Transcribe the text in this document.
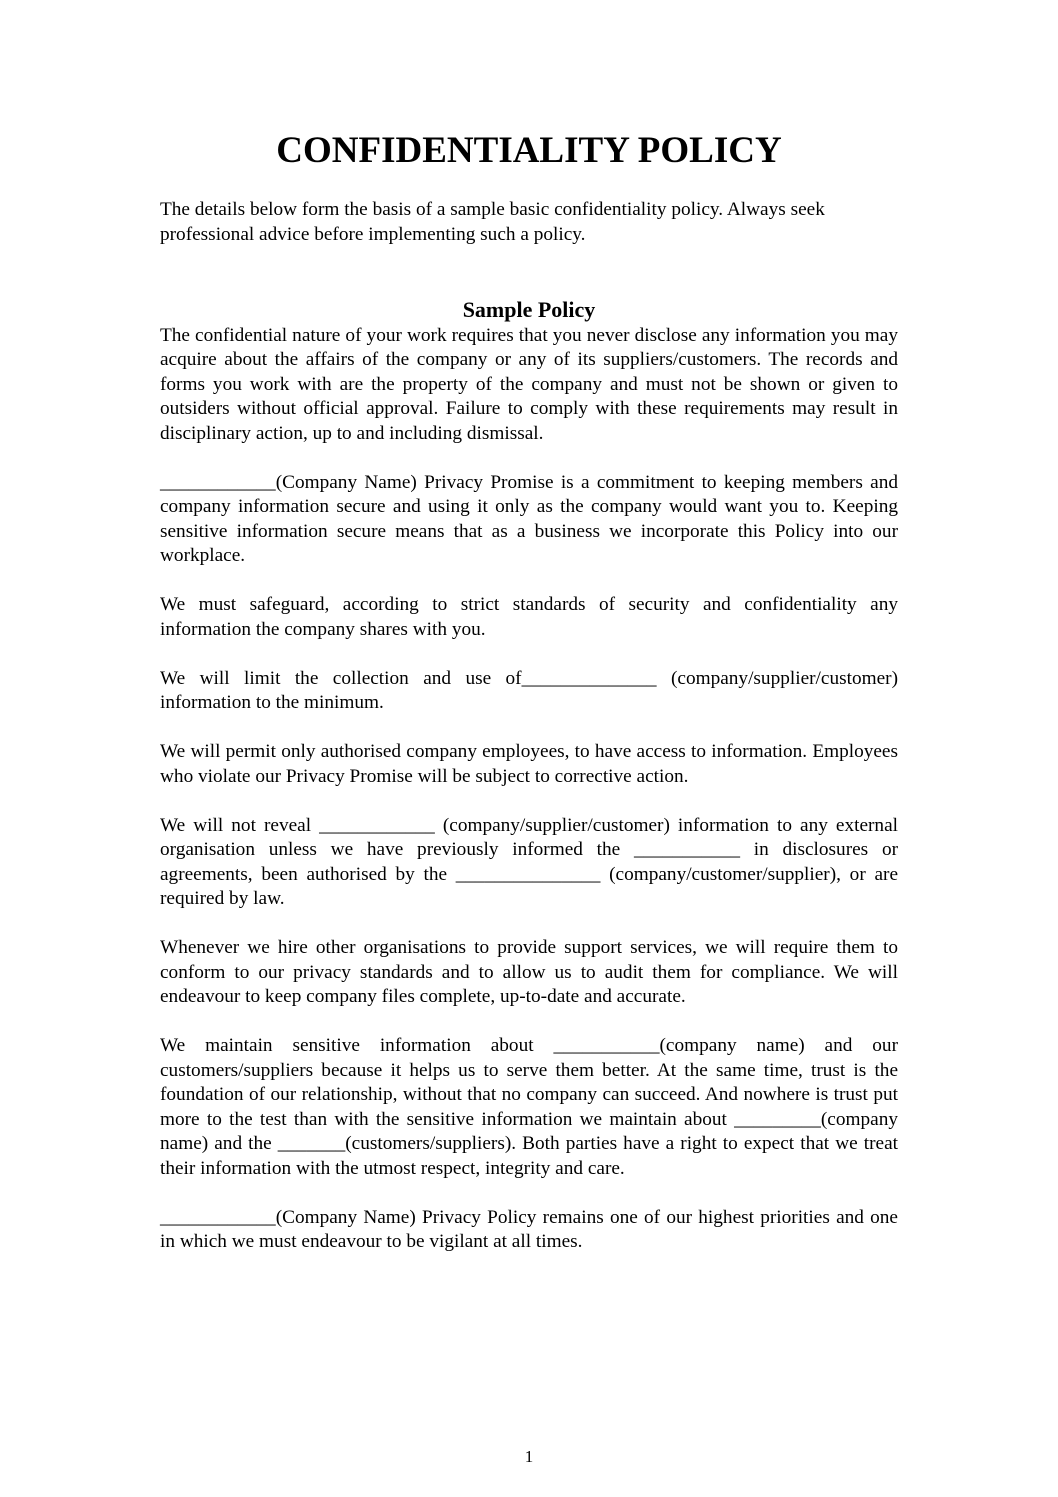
CONFIDENTIALITY POLICY

The details below form the basis of a sample basic confidentiality policy. Always seek professional advice before implementing such a policy.

Sample Policy

The confidential nature of your work requires that you never disclose any information you may acquire about the affairs of the company or any of its suppliers/customers. The records and forms you work with are the property of the company and must not be shown or given to outsiders without official approval. Failure to comply with these requirements may result in disciplinary action, up to and including dismissal.

____________(Company Name) Privacy Promise is a commitment to keeping members and company information secure and using it only as the company would want you to. Keeping sensitive information secure means that as a business we incorporate this Policy into our workplace.

We must safeguard, according to strict standards of security and confidentiality any information the company shares with you.

We will limit the collection and use of______________ (company/supplier/customer) information to the minimum.

We will permit only authorised company employees, to have access to information. Employees who violate our Privacy Promise will be subject to corrective action.

We will not reveal ____________ (company/supplier/customer) information to any external organisation unless we have previously informed the ___________ in disclosures or agreements, been authorised by the _______________ (company/customer/supplier), or are required by law.

Whenever we hire other organisations to provide support services, we will require them to conform to our privacy standards and to allow us to audit them for compliance. We will endeavour to keep company files complete, up-to-date and accurate.

We maintain sensitive information about ___________(company name) and our customers/suppliers because it helps us to serve them better. At the same time, trust is the foundation of our relationship, without that no company can succeed. And nowhere is trust put more to the test than with the sensitive information we maintain about _________(company name) and the _______(customers/suppliers). Both parties have a right to expect that we treat their information with the utmost respect, integrity and care.

____________(Company Name) Privacy Policy remains one of our highest priorities and one in which we must endeavour to be vigilant at all times.

1
